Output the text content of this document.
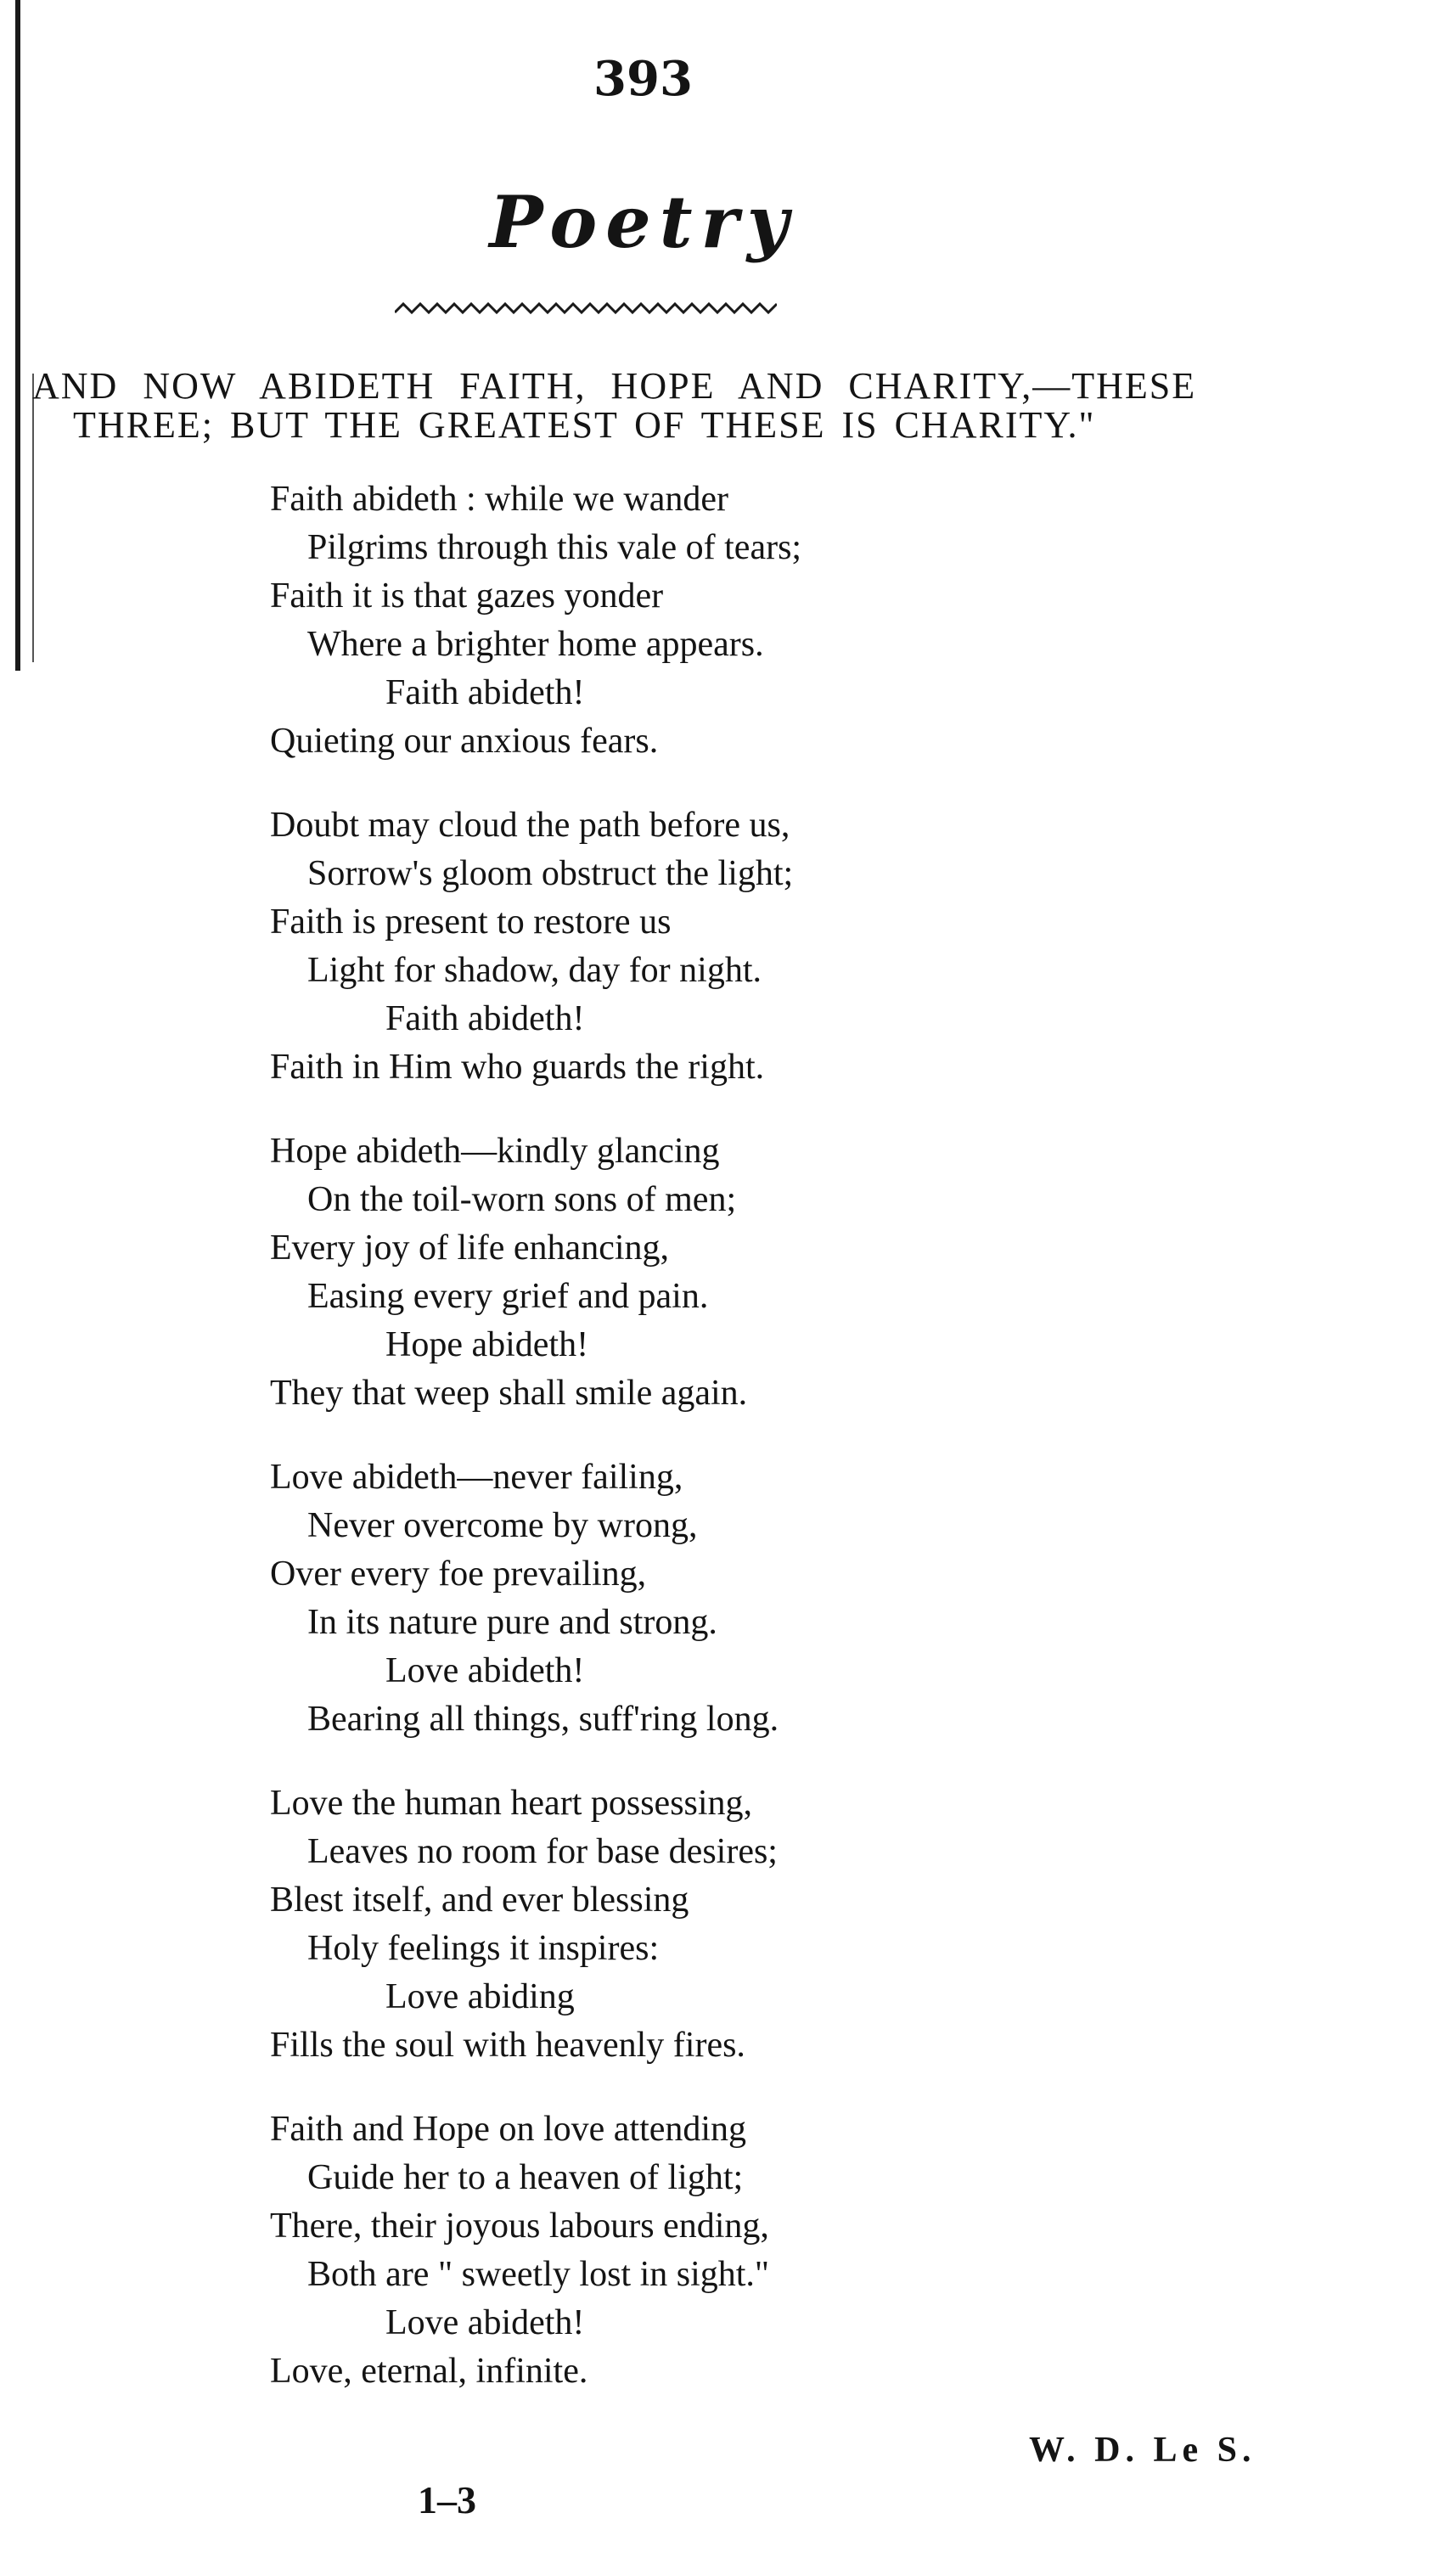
393
Poetry
AND NOW ABIDETH FAITH, HOPE AND CHARITY,—THESE
THREE; BUT THE GREATEST OF THESE IS CHARITY."
Faith abideth : while we wander
Pilgrims through this vale of tears;
Faith it is that gazes yonder
Where a brighter home appears.
Faith abideth!
Quieting our anxious fears.
Doubt may cloud the path before us,
Sorrow's gloom obstruct the light;
Faith is present to restore us
Light for shadow, day for night.
Faith abideth!
Faith in Him who guards the right.
Hope abideth—kindly glancing
On the toil-worn sons of men;
Every joy of life enhancing,
Easing every grief and pain.
Hope abideth!
They that weep shall smile again.
Love abideth—never failing,
Never overcome by wrong,
Over every foe prevailing,
In its nature pure and strong.
Love abideth!
Bearing all things, suff'ring long.
Love the human heart possessing,
Leaves no room for base desires;
Blest itself, and ever blessing
Holy feelings it inspires:
Love abiding
Fills the soul with heavenly fires.
Faith and Hope on love attending
Guide her to a heaven of light;
There, their joyous labours ending,
Both are " sweetly lost in sight."
Love abideth!
Love, eternal, infinite.
W. D. Le S.
1–3
